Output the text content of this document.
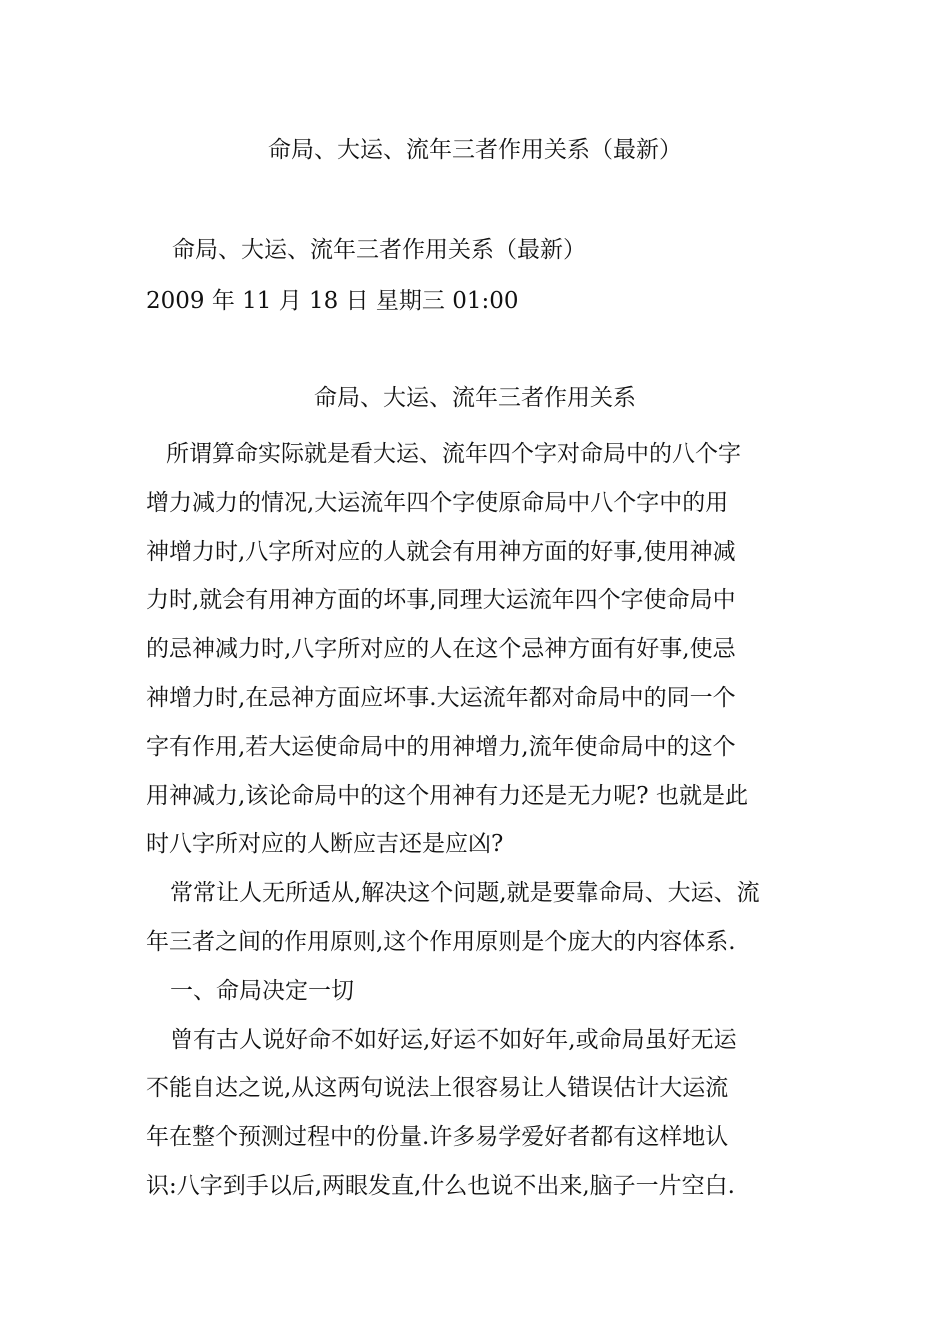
命局、大运、流年三者作用关系（最新）
命局、大运、流年三者作用关系（最新）
2009 年 11 月 18 日 星期三 01:00
命局、大运、流年三者作用关系
所谓算命实际就是看大运、流年四个字对命局中的八个字
增力减力的情况,大运流年四个字使原命局中八个字中的用
神增力时,八字所对应的人就会有用神方面的好事,使用神减
力时,就会有用神方面的坏事,同理大运流年四个字使命局中
的忌神减力时,八字所对应的人在这个忌神方面有好事,使忌
神增力时,在忌神方面应坏事.大运流年都对命局中的同一个
字有作用,若大运使命局中的用神增力,流年使命局中的这个
用神减力,该论命局中的这个用神有力还是无力呢? 也就是此
时八字所对应的人断应吉还是应凶?
常常让人无所适从,解决这个问题,就是要靠命局、大运、流
年三者之间的作用原则,这个作用原则是个庞大的内容体系.
一、命局决定一切
曾有古人说好命不如好运,好运不如好年,或命局虽好无运
不能自达之说,从这两句说法上很容易让人错误估计大运流
年在整个预测过程中的份量.许多易学爱好者都有这样地认
识:八字到手以后,两眼发直,什么也说不出来,脑子一片空白.
